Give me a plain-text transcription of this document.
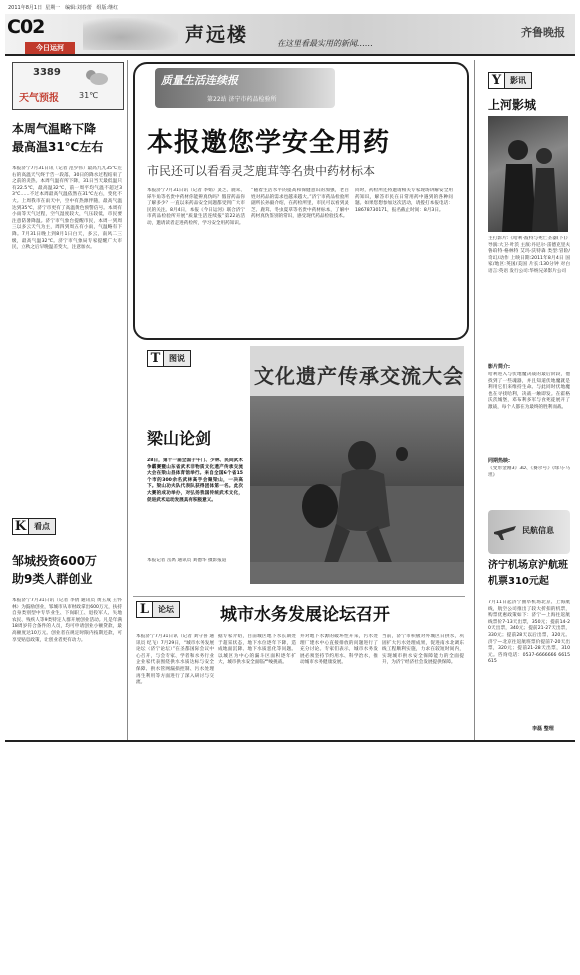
2011年8月1日 星期一 编辑:刘春蕾 组版:继红
C02
今日运河
声远楼	在这里看最实用的新闻……
齐鲁晚报
3389
天气预报	31℃
本周气温略下降
最高温31℃左右
本报济宁7月31日讯（记者 范少伟）最高九九35℃左右的高温天气终于告一段落，30日的降水过程结束了之前的炎热。本周气温有所下降，31日当天最低温只有22.5℃，最高温32℃，前一周平均气温不超过33℃……不过本周最高气温依然在31℃左右，变化不大。上周我市在雨天中，空中有热源伴随，最高气温达到35℃，济宁市更有了高温黄色预警信号。本周有小雨等天气过程，空气湿度较大，气压较低，市民要注意防暑降温。济宁市气象台提醒市民，本周一到周三以多云天气为主，周四到周五有小雨，气温略有下降。7月31日晚上到8月1日白天，多云，南风二三级，最高气温32℃。济宁市气象局专家提醒广大市民，立秋之后早晚温差变大，注意加衣。
K 看点
邹城投资600万
助9类人群创业
本报济宁7月31日讯（记者 李倩 通讯员 黄玉成 王怀林）为鼓励创业，邹城市从市财政拿出600万元，扶持自身类别型中专毕业生、下岗职工、退役军人、失地农民、残疾人等9类特定人群开展创业活动。凡是年满18周岁符合条件的人员，均可申请创业小额贷款，最高额度达10万元。创业者在规定时限内按期还款，可享受贴息政策，让创业者更有动力。
质量生活连续报
第22站 济宁市药品检验所
本报邀您学安全用药
市民还可以看看灵芝鹿茸等名贵中药材标本
本报济宁7月31日讯（记者 李娟）灵芝、鹿茸、犀牛角等名贵中药材你能辨真伪吗？假冒药品你了解多少？一直以来药品安全问题都受到广大市民的关注。8月4日，本报《今日运河》联合济宁市药品检验所开展“质量生活连续报”第22站活动，邀请读者走进药检所，学习安全用药知识。
“随着生活水平的提高和保健意识的加强，老百姓对药品的需求也越来越大。”济宁市药品检验所副所长孙毅介绍，在药检所里，市民可以看到灵芝、鹿茸、冬虫夏草等名贵中药材标本，了解中药材真伪鉴别的常识，感受现代药品检验技术。
同时，药检所还将邀请相关专家现场讲解安全用药知识，解答市民在日常用药中遇到的各种问题。如果您想参加这次活动，请拨打本报电话：18678730171，报名截止时间：8月3日。
T	图说
梁山论剑
28日，第十一届全国子午门、少林、民间武术争霸赛暨山东省武术非物质文化遗产传承交流大会在梁山县体育馆举行。来自全国6个省15个市的300余名武林高手会聚梁山，一决高下。梁山功夫队代表队获得团体第一名。此次大赛的成功举办，对弘扬我国传统武术文化，促进武术运动发展具有积极意义。
本报记者 岳禹 通讯员 刘德华 摄影报道
文化遗产传承交流大会
L	论坛	城市水务发展论坛召开
本报济宁7月31日讯（记者 刘守喜 通讯员 纪飞）7月29日，“城市水务发展论坛（济宁论坛）”在圣都国际会议中心召开，与会专家、学者和水务行业企业家代表围绕供水水质达标与安全保障、供水管网漏损控制、污水处理再生利用等方面进行了深入研讨与交流。
据专家介绍，目前城区地下水长期处于超采状态，地下水位逐年下降，造成地面沉降、地下水质恶化等问题。以城区为中心的漏斗区面积逐年扩大，城市供水安全面临严峻挑战。
并对地下水源的破坏性开采，污水处理厂建水中心直接排放的问题进行了充分讨论。专家们表示，城市水务发展必须坚持节约用水、科学治水，推动城市水务健康发展。
当前，济宁市积极对外城区日供水，巩固扩大污水处理成果，促进南水北调东线工程顺利实施，力求在较短时间内，实现城市供水安全保障能力的全面提升，为济宁经济社会发展提供保障。
Y	影讯
上河影城
主打影片:《哈利·波特与死亡圣器(下)》 导演:大卫·叶茨 主演:丹尼尔·雷德克里夫 鲁珀特·格林特 艾玛·沃特森 类型:冒险/奇幻/动作 上映日期:2011年8月4日 国家/地区:英国/美国 片长:130分钟 对白语言:英语 发行公司:华纳兄弟影片公司
影片简介:
哈利进入与伏地魔决战的最后阶段，他找到了一些魂器，并且知道伏地魔就是利用它们来维持生命。与此同时伏地魔也在寻找哈利，决战一触即发。在霍格沃茨城堡，邓布利多军与食死徒展开了激战，每个人都在为最终的胜利而战。
同期热映:
《变形金刚3》3D、《赛尔号》《绿马·马坦》
民航信息
济宁机场京沪航班
机票310元起
7月11日起济宁曲阜机场北京、上海航线，航空公司推出了较大折扣的机票，购票优惠政策如下：济宁—上海往返航线票价7-13天出票，350元；提前14-20天出票，340元；提前21-27天出票，330元；提前28天以后出票，320元。济宁—北京往返航班票价提前7-20天出票，320元；提前21-28天出票，310元。咨询电话：0537-6666666 6615615
李磊 整理
